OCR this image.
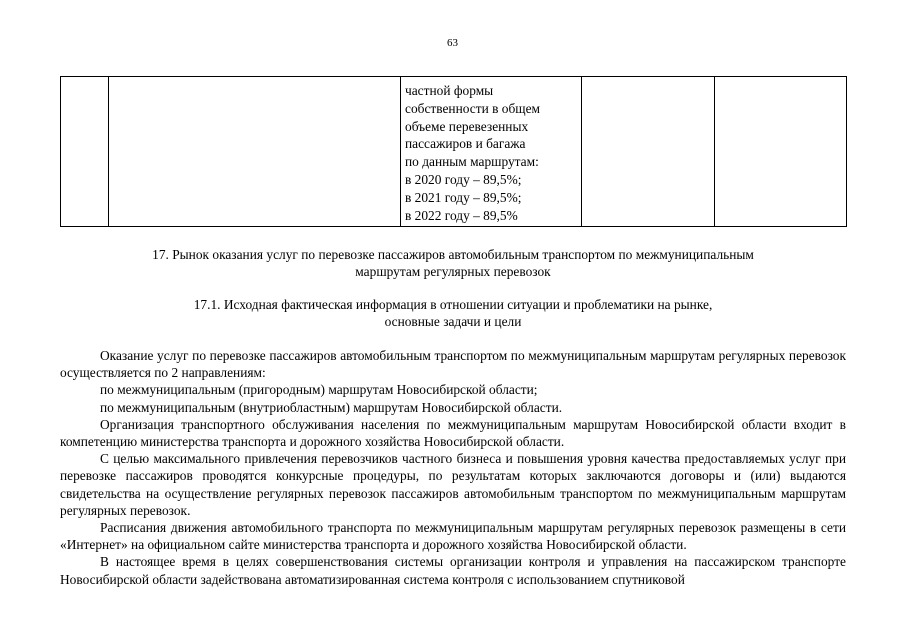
63

частной формы
собственности в общем
объеме перевезенных
пассажиров и багажа
по данным маршрутам:
в 2020 году – 89,5%;
в 2021 году – 89,5%;
в 2022 году – 89,5%

17. Рынок оказания услуг по перевозке пассажиров автомобильным транспортом по межмуниципальным
маршрутам регулярных перевозок
17.1. Исходная фактическая информация в отношении ситуации и проблематики на рынке,
основные задачи и цели

Оказание услуг по перевозке пассажиров автомобильным транспортом по межмуниципальным маршрутам регулярных перевозок осуществляется по 2 направлениям:

по межмуниципальным (пригородным) маршрутам Новосибирской области;

по межмуниципальным (внутриобластным) маршрутам Новосибирской области.

Организация транспортного обслуживания населения по межмуниципальным маршрутам Новосибирской области входит в компетенцию министерства транспорта и дорожного хозяйства Новосибирской области.

С целью максимального привлечения перевозчиков частного бизнеса и повышения уровня качества предоставляемых услуг при перевозке пассажиров проводятся конкурсные процедуры, по результатам которых заключаются договоры и (или) выдаются свидетельства на осуществление регулярных перевозок пассажиров автомобильным транспортом по межмуниципальным маршрутам регулярных перевозок.

Расписания движения автомобильного транспорта по межмуниципальным маршрутам регулярных перевозок размещены в сети «Интернет» на официальном сайте министерства транспорта и дорожного хозяйства Новосибирской области.

В настоящее время в целях совершенствования системы организации контроля и управления на пассажирском транспорте Новосибирской области задействована автоматизированная система контроля с использованием спутниковой
